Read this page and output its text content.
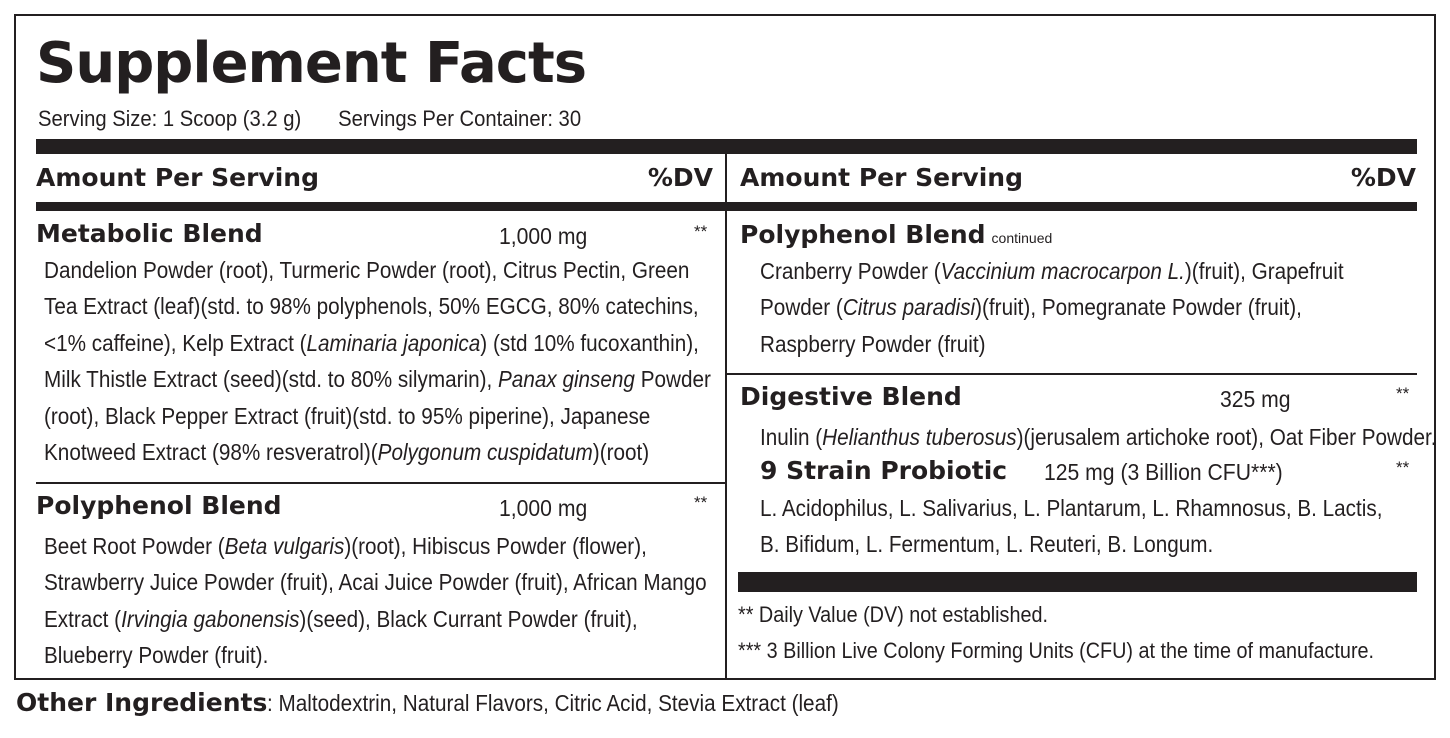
Supplement Facts
Serving Size: 1 Scoop (3.2 g) Servings Per Container: 30
Amount Per Serving	%DV Amount Per Serving	%DV
Metabolic Blend	1,000 mg	**
Dandelion Powder (root), Turmeric Powder (root), Citrus Pectin, Green
Tea Extract (leaf)(std. to 98% polyphenols, 50% EGCG, 80% catechins,
<1% caffeine), Kelp Extract (Laminaria japonica) (std 10% fucoxanthin),
Milk Thistle Extract (seed)(std. to 80% silymarin), Panax ginseng Powder
(root), Black Pepper Extract (fruit)(std. to 95% piperine), Japanese
Knotweed Extract (98% resveratrol)(Polygonum cuspidatum)(root)
Polyphenol Blend	1,000 mg	**
Beet Root Powder (Beta vulgaris)(root), Hibiscus Powder (flower),
Strawberry Juice Powder (fruit), Acai Juice Powder (fruit), African Mango
Extract (Irvingia gabonensis)(seed), Black Currant Powder (fruit),
Blueberry Powder (fruit).
Polyphenol Blend continued
Cranberry Powder (Vaccinium macrocarpon L.)(fruit), Grapefruit
Powder (Citrus paradisi)(fruit), Pomegranate Powder (fruit),
Raspberry Powder (fruit)
Digestive Blend	325 mg	**
Inulin (Helianthus tuberosus)(jerusalem artichoke root), Oat Fiber Powder.
9 Strain Probiotic 125 mg (3 Billion CFU***)	**
L. Acidophilus, L. Salivarius, L. Plantarum, L. Rhamnosus, B. Lactis,
B. Bifidum, L. Fermentum, L. Reuteri, B. Longum.
** Daily Value (DV) not established.
*** 3 Billion Live Colony Forming Units (CFU) at the time of manufacture.
Other Ingredients: Maltodextrin, Natural Flavors, Citric Acid, Stevia Extract (leaf)
